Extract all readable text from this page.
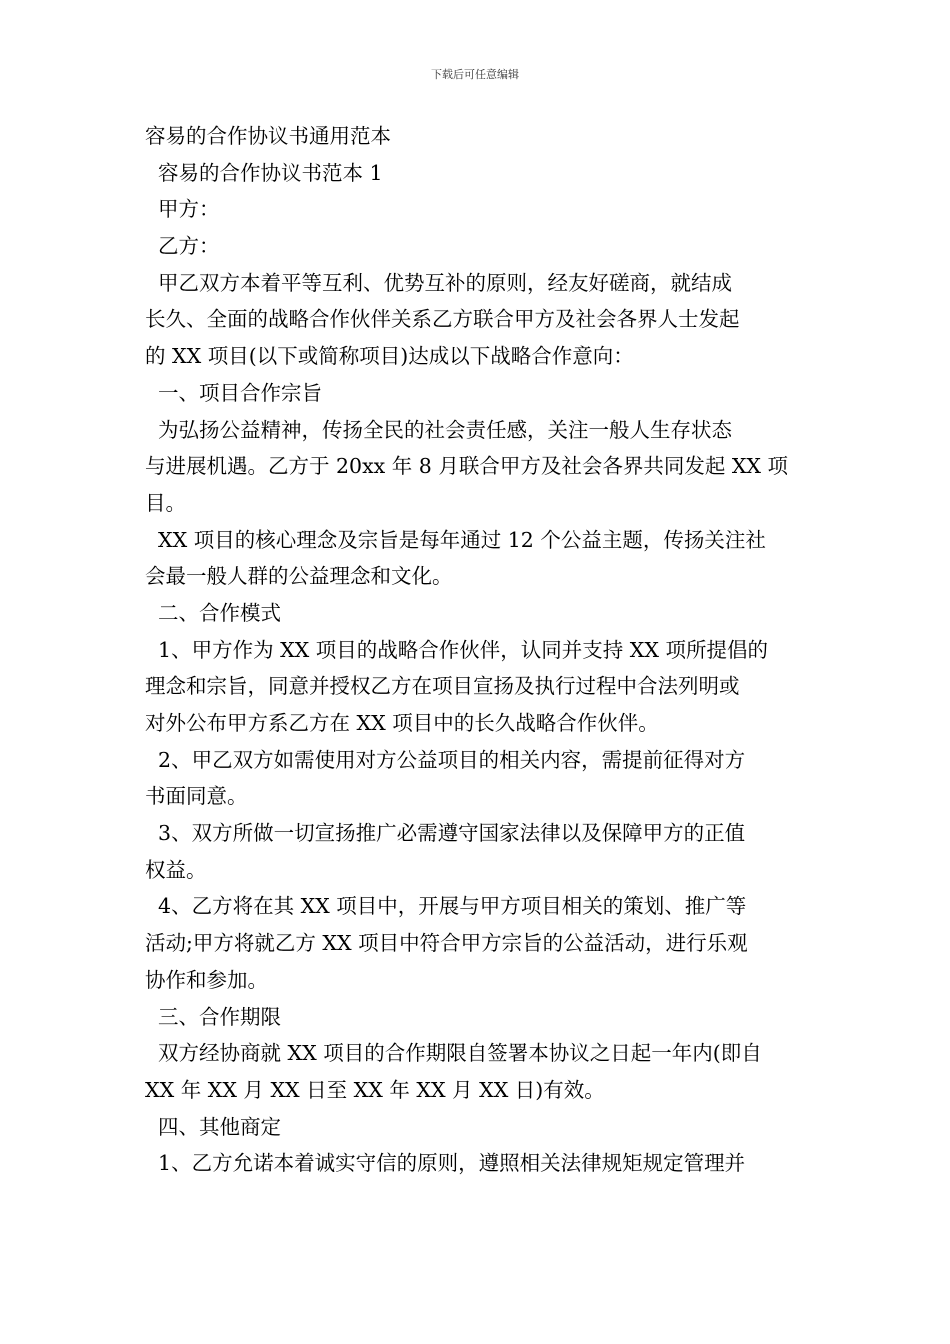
下载后可任意编辑
容易的合作协议书通用范本
容易的合作协议书范本 1
甲方：
乙方：
甲乙双方本着平等互利、优势互补的原则，经友好磋商，就结成
长久、全面的战略合作伙伴关系乙方联合甲方及社会各界人士发起
的 XX 项目(以下或简称项目)达成以下战略合作意向：
一、项目合作宗旨
为弘扬公益精神，传扬全民的社会责任感，关注一般人生存状态
与进展机遇。乙方于 20xx 年 8 月联合甲方及社会各界共同发起 XX 项
目。
XX 项目的核心理念及宗旨是每年通过 12 个公益主题，传扬关注社
会最一般人群的公益理念和文化。
二、合作模式
1、甲方作为 XX 项目的战略合作伙伴，认同并支持 XX 项所提倡的
理念和宗旨，同意并授权乙方在项目宣扬及执行过程中合法列明或
对外公布甲方系乙方在 XX 项目中的长久战略合作伙伴。
2、甲乙双方如需使用对方公益项目的相关内容，需提前征得对方
书面同意。
3、双方所做一切宣扬推广必需遵守国家法律以及保障甲方的正值
权益。
4、乙方将在其 XX 项目中，开展与甲方项目相关的策划、推广等
活动;甲方将就乙方 XX 项目中符合甲方宗旨的公益活动，进行乐观
协作和参加。
三、合作期限
双方经协商就 XX 项目的合作期限自签署本协议之日起一年内(即自
XX 年 XX 月 XX 日至 XX 年 XX 月 XX 日)有效。
四、其他商定
1、乙方允诺本着诚实守信的原则，遵照相关法律规矩规定管理并
